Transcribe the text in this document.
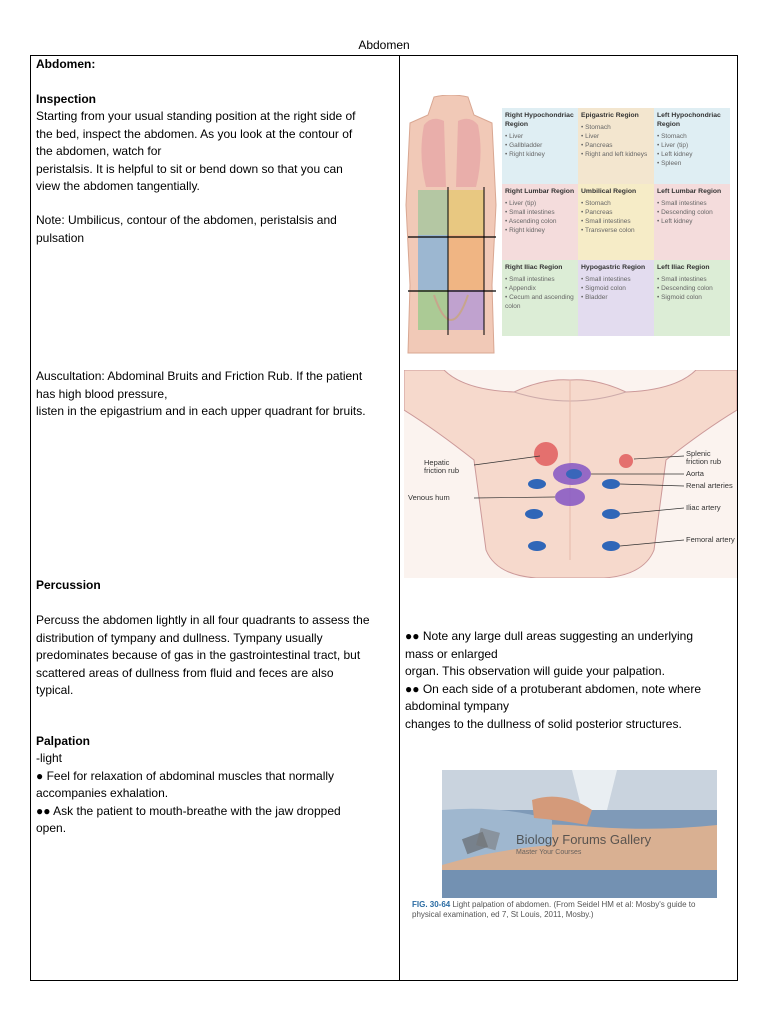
Abdomen
Abdomen:
Inspection
Starting from your usual standing position at the right side of
the bed, inspect the abdomen. As you look at the contour of
the abdomen, watch for
peristalsis. It is helpful to sit or bend down so that you can
view the abdomen tangentially.
Note: Umbilicus, contour of the abdomen, peristalsis and
pulsation
Auscultation: Abdominal Bruits and Friction Rub. If the patient
has high blood pressure,
listen in the epigastrium and in each upper quadrant for bruits.
Percussion
Percuss the abdomen lightly in all four quadrants to assess the
distribution of tympany and dullness. Tympany usually
predominates because of gas in the gastrointestinal tract, but
scattered areas of dullness from fluid and feces are also
typical.
Palpation
-light
● Feel for relaxation of abdominal muscles that normally
accompanies exhalation.
●● Ask the patient to mouth-breathe with the jaw dropped
open.
Right Hypochondriac Region
• Liver
• Gallbladder
• Right kidney
Epigastric Region
• Stomach
• Liver
• Pancreas
• Right and left kidneys
Left Hypochondriac Region
• Stomach
• Liver (tip)
• Left kidney
• Spleen
Right Lumbar Region
• Liver (tip)
• Small intestines
• Ascending colon
• Right kidney
Umbilical Region
• Stomach
• Pancreas
• Small intestines
• Transverse colon
Left Lumbar Region
• Small intestines
• Descending colon
• Left kidney
Right Iliac Region
• Small intestines
• Appendix
• Cecum and ascending colon
Hypogastric Region
• Small intestines
• Sigmoid colon
• Bladder
Left Iliac Region
• Small intestines
• Descending colon
• Sigmoid colon
Hepatic
friction rub
Splenic
friction rub
Aorta
Renal arteries
Venous hum
Iliac artery
Femoral artery
●● Note any large dull areas suggesting an underlying
mass or enlarged
organ. This observation will guide your palpation.
●● On each side of a protuberant abdomen, note where
abdominal tympany
changes to the dullness of solid posterior structures.
Biology Forums Gallery
Master Your Courses
FIG. 30-64 Light palpation of abdomen. (From Seidel HM et al: Mosby's guide to physical examination, ed 7, St Louis, 2011, Mosby.)
